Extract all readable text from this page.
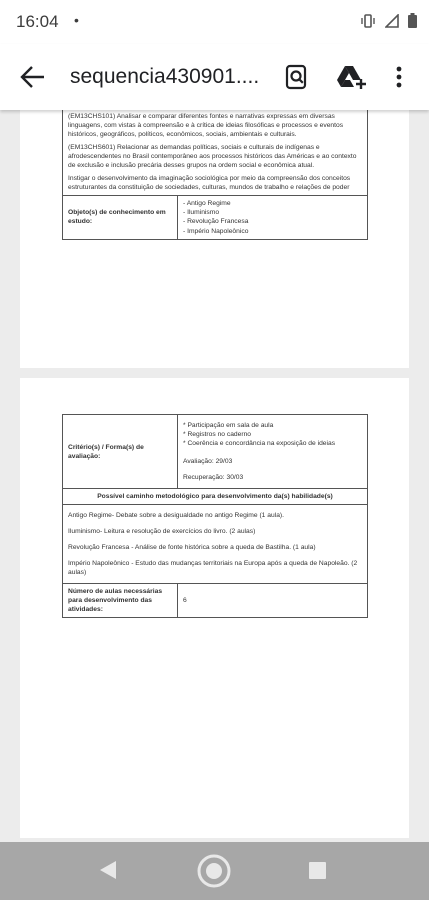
16:04 •
sequencia430901....

(EM13CHS101) Analisar e comparar diferentes fontes e narrativas expressas em diversas linguagens, com vistas à compreensão e à crítica de ideias filosóficas e processos e eventos históricos, geográficos, políticos, econômicos, sociais, ambientais e culturais.

(EM13CHS601) Relacionar as demandas políticas, sociais e culturais de indígenas e afrodescendentes no Brasil contemporâneo aos processos históricos das Américas e ao contexto de exclusão e inclusão precária desses grupos na ordem social e econômica atual.

Instigar o desenvolvimento da imaginação sociológica por meio da compreensão dos conceitos estruturantes da constituição de sociedades, culturas, mundos de trabalho e relações de poder

Objeto(s) de conhecimento em estudo:	
- Antigo Regime
- Iluminismo
- Revolução Francesa
- Império Napoleônico
Critério(s) / Forma(s) de avaliação:	* Participação em sala de aula
* Registros no caderno
* Coerência e concordância na exposição de ideias
Avaliação: 29/03
Recuperação: 30/03

Possível caminho metodológico para desenvolvimento da(s) habilidade(s)	

Antigo Regime- Debate sobre a desigualdade no antigo Regime (1 aula).

Iluminismo- Leitura e resolução de exercícios do livro. (2 aulas)

Revolução Francesa - Análise de fonte histórica sobre a queda de Bastilha. (1 aula)

Império Napoleônico - Estudo das mudanças territoriais na Europa após a queda de Napoleão. (2 aulas)	

Número de aulas necessárias para desenvolvimento das atividades:	6
